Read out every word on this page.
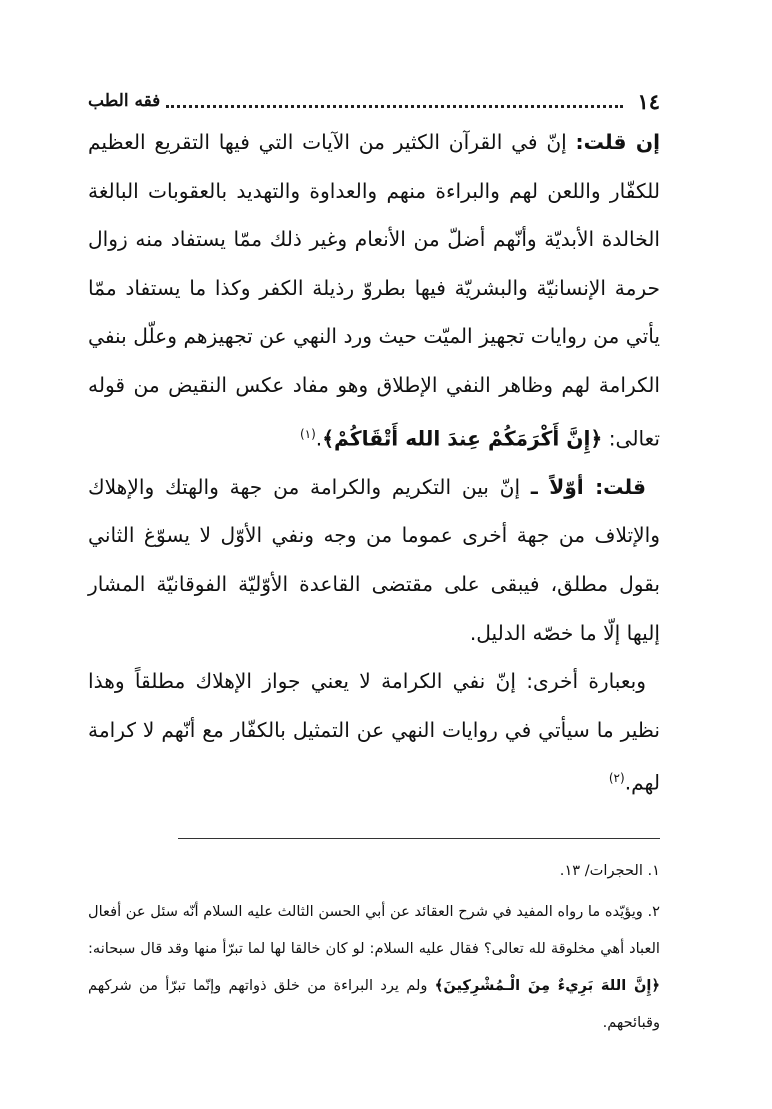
١٤
فقه الطب

إن قلت: إنّ في القرآن الكثير من الآيات التي فيها التقريع العظيم للكفّار واللعن لهم والبراءة منهم والعداوة والتهديد بالعقوبات البالغة الخالدة الأبديّة وأنّهم أضلّ من الأنعام وغير ذلك ممّا يستفاد منه زوال حرمة الإنسانيّة والبشريّة فيها بطروّ رذيلة الكفر وكذا ما يستفاد ممّا يأتي من روايات تجهيز الميّت حيث ورد النهي عن تجهيزهم وعلّل بنفي الكرامة لهم وظاهر النفي الإطلاق وهو مفاد عكس النقيض من قوله تعالى: ﴿إِنَّ أَكْرَمَكُمْ عِندَ الله أَتْقَاكُمْ﴾.$^{(١)}$

قلت: أوّلاً ـ إنّ بين التكريم والكرامة من جهة والهتك والإهلاك والإتلاف من جهة أخرى عموما من وجه ونفي الأوّل لا يسوّغ الثاني بقول مطلق، فيبقى على مقتضى القاعدة الأوّليّة الفوقانيّة المشار إليها إلّا ما خصّه الدليل.

وبعبارة أخرى: إنّ نفي الكرامة لا يعني جواز الإهلاك مطلقاً وهذا نظير ما سيأتي في روايات النهي عن التمثيل بالكفّار مع أنّهم لا كرامة لهم.$^{(٢)}$

١. الحجرات/ ١٣.

٢. ويؤيّده ما رواه المفيد في شرح العقائد عن أبي الحسن الثالث عليه السلام أنّه سئل عن أفعال العباد أهي مخلوقة لله تعالى؟ فقال عليه السلام: لو كان خالقا لها لما تبرّأ منها وقد قال سبحانه: ﴿إِنَّ اللهَ بَرِيءٌ مِنَ الْـمُشْرِكِينَ﴾ ولم يرد البراءة من خلق ذواتهم وإنّما تبرّأ من شركهم وقبائحهم.
